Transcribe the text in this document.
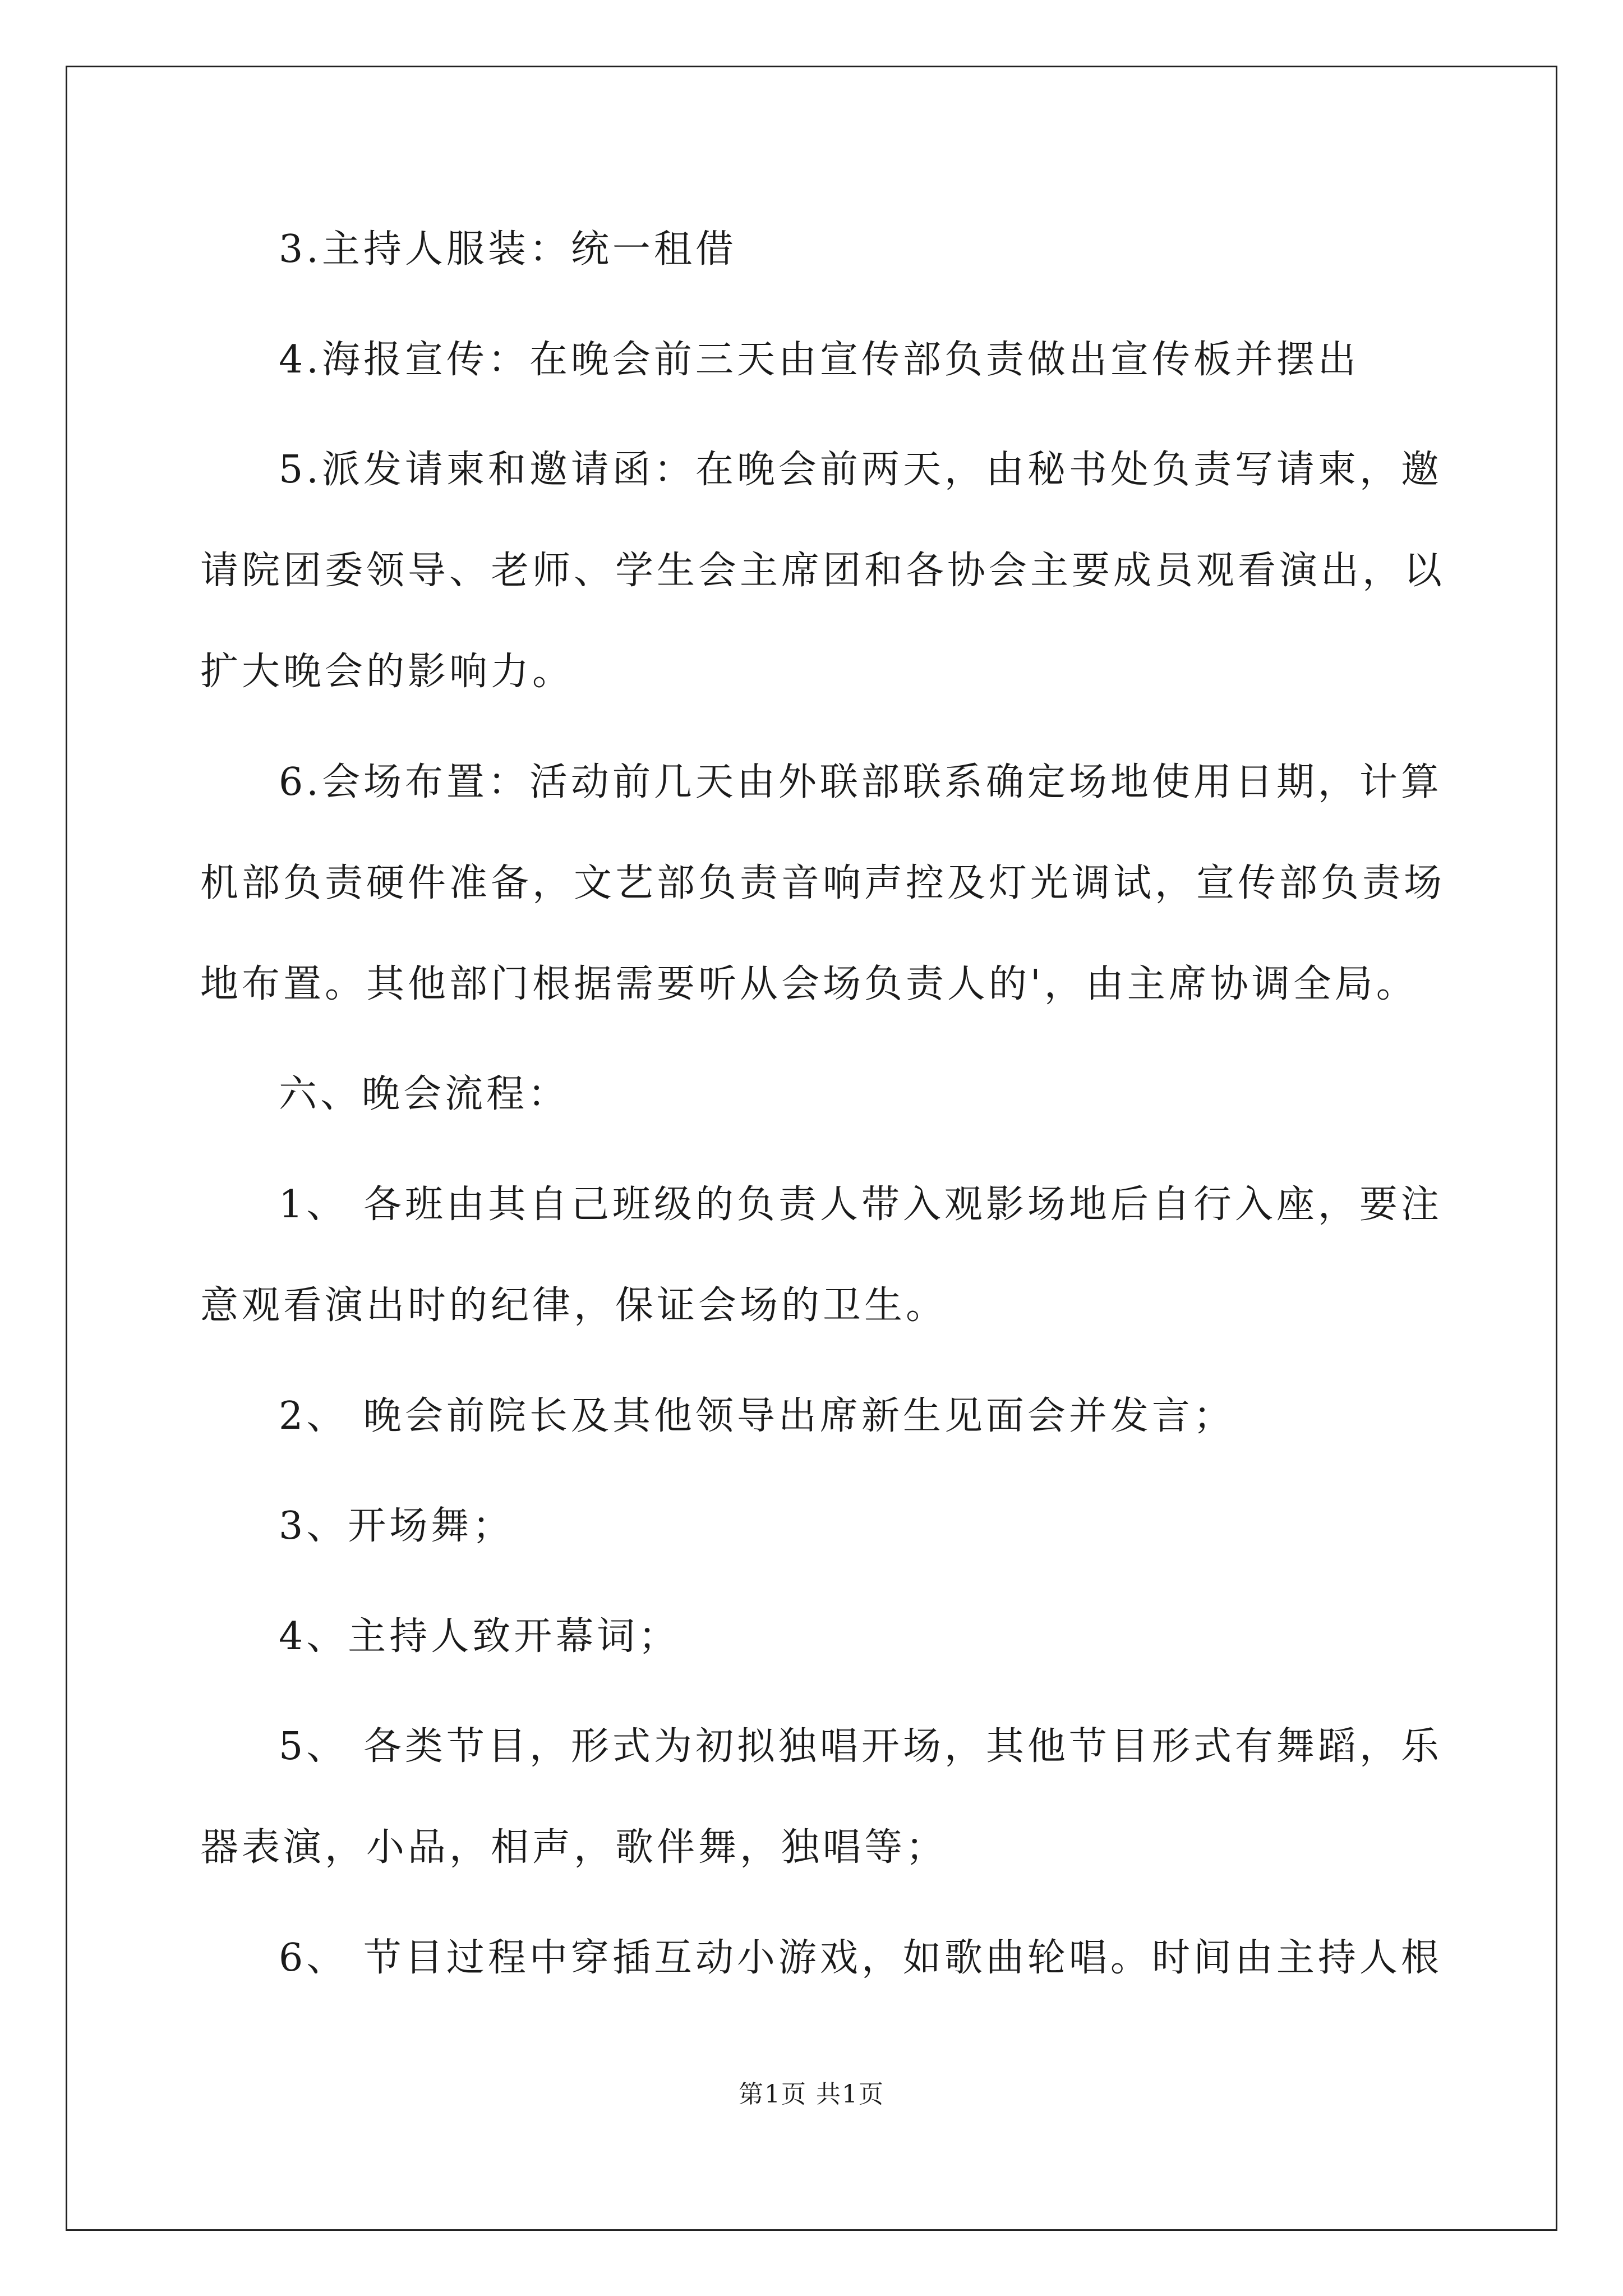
3.主持人服装：统一租借
4.海报宣传：在晚会前三天由宣传部负责做出宣传板并摆出
5.派发请柬和邀请函：在晚会前两天，由秘书处负责写请柬，邀
请院团委领导、老师、学生会主席团和各协会主要成员观看演出，以
扩大晚会的影响力。
6.会场布置：活动前几天由外联部联系确定场地使用日期，计算
机部负责硬件准备，文艺部负责音响声控及灯光调试，宣传部负责场
地布置。其他部门根据需要听从会场负责人的'，由主席协调全局。
六、晚会流程：
1、 各班由其自己班级的负责人带入观影场地后自行入座，要注
意观看演出时的纪律，保证会场的卫生。
2、 晚会前院长及其他领导出席新生见面会并发言；
3、开场舞；
4、主持人致开幕词；
5、 各类节目，形式为初拟独唱开场，其他节目形式有舞蹈，乐
器表演，小品，相声，歌伴舞，独唱等；
6、 节目过程中穿插互动小游戏，如歌曲轮唱。时间由主持人根
第1页 共1页
